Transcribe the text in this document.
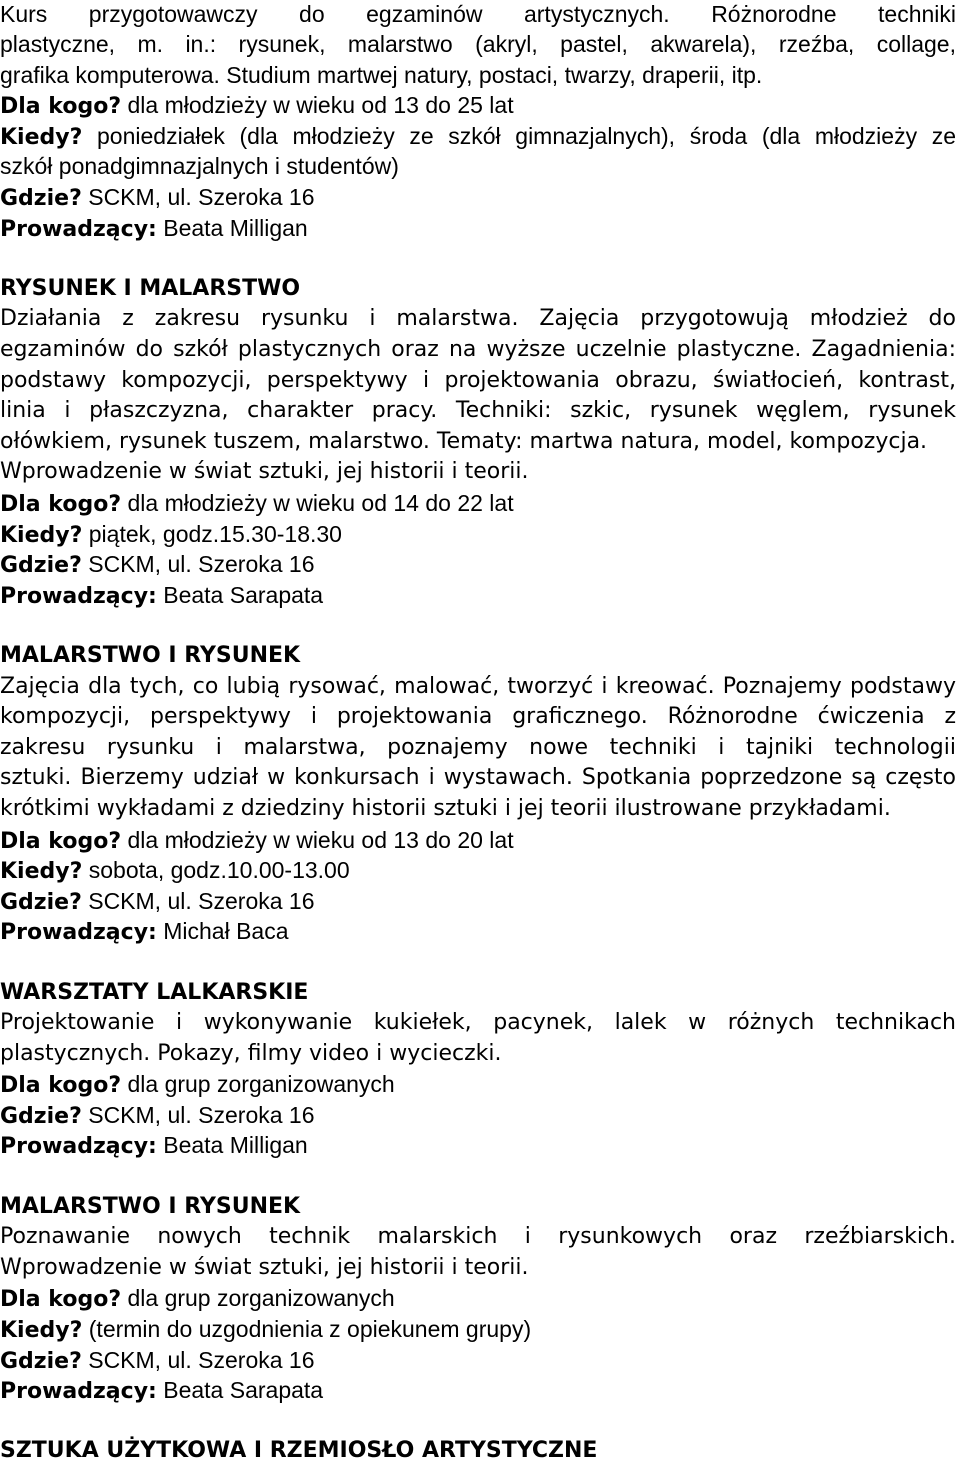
Kurs przygotowawczy do egzaminów artystycznych. Różnorodne techniki
plastyczne, m. in.: rysunek, malarstwo (akryl, pastel, akwarela), rzeźba, collage,
grafika komputerowa. Studium martwej natury, postaci, twarzy, draperii, itp.
Dla kogo? dla młodzieży w wieku od 13 do 25 lat
Kiedy? poniedziałek (dla młodzieży ze szkół gimnazjalnych), środa (dla młodzieży ze
szkół ponadgimnazjalnych i studentów)
Gdzie? SCKM, ul. Szeroka 16
Prowadzący: Beata Milligan
RYSUNEK I MALARSTWO
Działania z zakresu rysunku i malarstwa. Zajęcia przygotowują młodzież do
egzaminów do szkół plastycznych oraz na wyższe uczelnie plastyczne. Zagadnienia:
podstawy kompozycji, perspektywy i projektowania obrazu, światłocień, kontrast,
linia i płaszczyzna, charakter pracy. Techniki: szkic, rysunek węglem, rysunek
ołówkiem, rysunek tuszem, malarstwo. Tematy: martwa natura, model, kompozycja.
Wprowadzenie w świat sztuki, jej historii i teorii.
Dla kogo? dla młodzieży w wieku od 14 do 22 lat
Kiedy? piątek, godz.15.30-18.30
Gdzie? SCKM, ul. Szeroka 16
Prowadzący: Beata Sarapata
MALARSTWO I RYSUNEK
Zajęcia dla tych, co lubią rysować, malować, tworzyć i kreować. Poznajemy podstawy
kompozycji, perspektywy i projektowania graficznego. Różnorodne ćwiczenia z
zakresu rysunku i malarstwa, poznajemy nowe techniki i tajniki technologii
sztuki. Bierzemy udział w konkursach i wystawach. Spotkania poprzedzone są często
krótkimi wykładami z dziedziny historii sztuki i jej teorii ilustrowane przykładami.
Dla kogo? dla młodzieży w wieku od 13 do 20 lat
Kiedy? sobota, godz.10.00-13.00
Gdzie? SCKM, ul. Szeroka 16
Prowadzący: Michał Baca
WARSZTATY LALKARSKIE
Projektowanie i wykonywanie kukiełek, pacynek, lalek w różnych technikach
plastycznych. Pokazy, filmy video i wycieczki.
Dla kogo? dla grup zorganizowanych
Gdzie? SCKM, ul. Szeroka 16
Prowadzący: Beata Milligan
MALARSTWO I RYSUNEK
Poznawanie nowych technik malarskich i rysunkowych oraz rzeźbiarskich.
Wprowadzenie w świat sztuki, jej historii i teorii.
Dla kogo? dla grup zorganizowanych
Kiedy? (termin do uzgodnienia z opiekunem grupy)
Gdzie? SCKM, ul. Szeroka 16
Prowadzący: Beata Sarapata
SZTUKA UŻYTKOWA I RZEMIOSŁO ARTYSTYCZNE
